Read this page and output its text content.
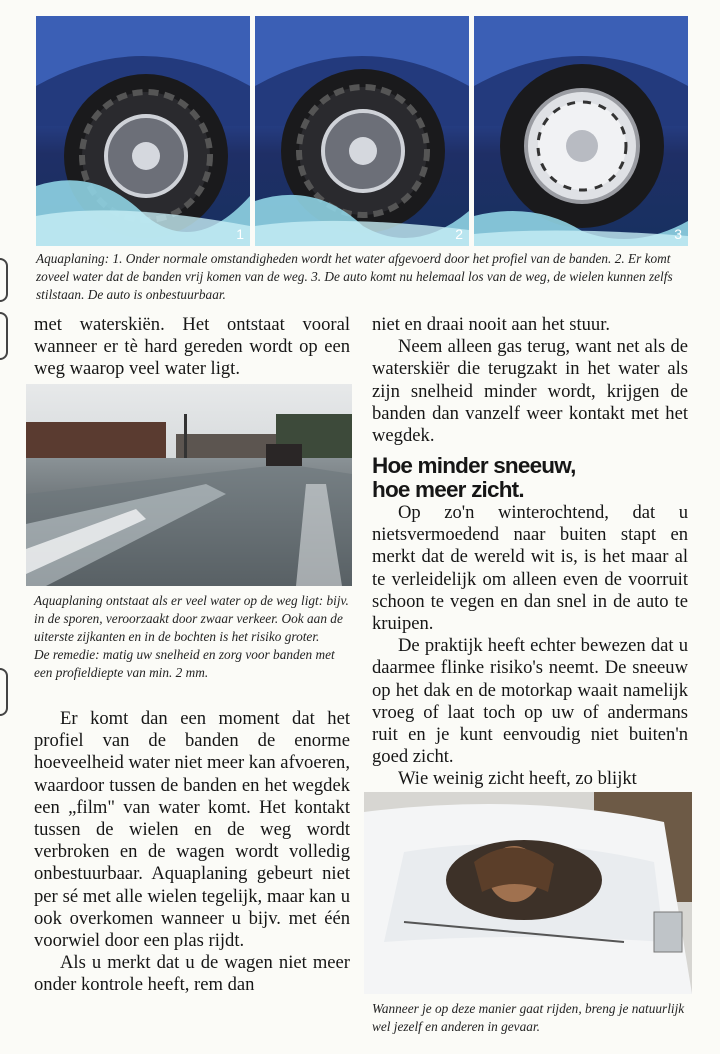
1	2	3

Aquaplaning: 1. Onder normale omstandigheden wordt het water afgevoerd door het profiel van de banden. 2. Er komt zoveel water dat de banden vrij komen van de weg. 3. De auto komt nu helemaal los van de weg, de wielen kunnen zelfs stilstaan. De auto is onbestuurbaar.

met waterskiën. Het ontstaat vooral wanneer er tè hard gereden wordt op een weg waarop veel water ligt.

Aquaplaning ontstaat als er veel water op de weg ligt: bijv. in de sporen, veroorzaakt door zwaar verkeer. Ook aan de uiterste zijkanten en in de bochten is het risiko groter.

De remedie: matig uw snelheid en zorg voor banden met een profieldiepte van min. 2 mm.

Er komt dan een moment dat het profiel van de banden de enorme hoeveelheid water niet meer kan afvoeren, waardoor tussen de banden en het wegdek een „film" van water komt. Het kontakt tussen de wielen en de weg wordt verbroken en de wagen wordt volledig onbestuurbaar. Aquaplaning gebeurt niet per sé met alle wielen tegelijk, maar kan u ook overkomen wanneer u bijv. met één voorwiel door een plas rijdt.

Als u merkt dat u de wagen niet meer onder kontrole heeft, rem dan

niet en draai nooit aan het stuur.

Neem alleen gas terug, want net als de waterskiër die terugzakt in het water als zijn snelheid minder wordt, krijgen de banden dan vanzelf weer kontakt met het wegdek.

Hoe minder sneeuw,

hoe meer zicht.

Op zo'n winterochtend, dat u nietsvermoedend naar buiten stapt en merkt dat de wereld wit is, is het maar al te verleidelijk om alleen even de voorruit schoon te vegen en dan snel in de auto te kruipen.

De praktijk heeft echter bewezen dat u daarmee flinke risiko's neemt. De sneeuw op het dak en de motorkap waait namelijk vroeg of laat toch op uw of andermans ruit en je kunt eenvoudig niet buiten'n goed zicht.

Wie weinig zicht heeft, zo blijkt

Wanneer je op deze manier gaat rijden, breng je natuurlijk wel jezelf en anderen in gevaar.
